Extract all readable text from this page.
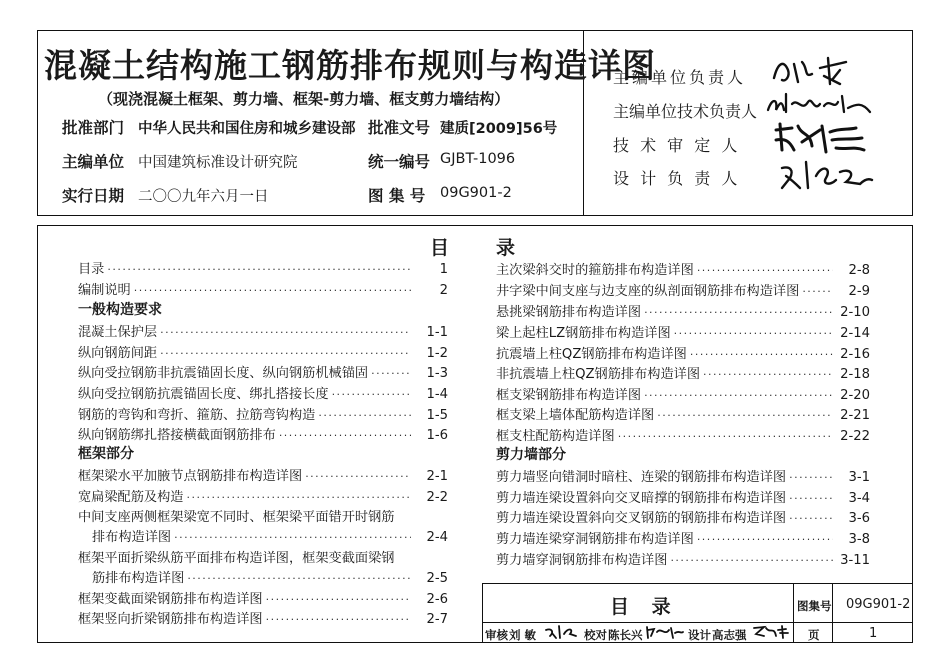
混凝土结构施工钢筋排布规则与构造详图
（现浇混凝土框架、剪力墙、框架-剪力墙、框支剪力墙结构）
批准部门 中华人民共和国住房和城乡建设部 批准文号 建质[2009]56号
主编单位 中国建筑标准设计研究院	统一编号 GJBT-1096
实行日期 二〇〇九年六月一日	图 集 号 09G901-2
主编单位负责人
主编单位技术负责人
技 术 审 定 人
设 计 负 责 人
目 录
目录 ·····	1
编制说明 ·····	2
一般构造要求
混凝土保护层 ·····	1-1
纵向钢筋间距 ·····	1-2
纵向受拉钢筋非抗震锚固长度、纵向钢筋机械锚固 ·····	1-3
纵向受拉钢筋抗震锚固长度、绑扎搭接长度 ·····	1-4
钢筋的弯钩和弯折、箍筋、拉筋弯钩构造 ·····	1-5
纵向钢筋绑扎搭接横截面钢筋排布 ·····	1-6
框架部分
框架梁水平加腋节点钢筋排布构造详图 ·····	2-1
宽扁梁配筋及构造 ·····	2-2
中间支座两侧框架梁宽不同时、框架梁平面错开时钢筋
排布构造详图 ·····	2-4
框架平面折梁纵筋平面排布构造详图，框架变截面梁钢
筋排布构造详图 ·····	2-5
框架变截面梁钢筋排布构造详图 ·····	2-6
框架竖向折梁钢筋排布构造详图 ·····	2-7
主次梁斜交时的箍筋排布构造详图 ·····	2-8
井字梁中间支座与边支座的纵剖面钢筋排布构造详图 ·····	2-9
悬挑梁钢筋排布构造详图 ·····	2-10
梁上起柱LZ钢筋排布构造详图 ·····	2-14
抗震墙上柱QZ钢筋排布构造详图 ·····	2-16
非抗震墙上柱QZ钢筋排布构造详图 ·····	2-18
框支梁钢筋排布构造详图 ·····	2-20
框支梁上墙体配筋构造详图 ·····	2-21
框支柱配筋构造详图 ·····	2-22
剪力墙部分
剪力墙竖向错洞时暗柱、连梁的钢筋排布构造详图 ·····	3-1
剪力墙连梁设置斜向交叉暗撑的钢筋排布构造详图 ·····	3-4
剪力墙连梁设置斜向交叉钢筋的钢筋排布构造详图 ·····	3-6
剪力墙连梁穿洞钢筋排布构造详图 ·····	3-8
剪力墙穿洞钢筋排布构造详图 ·····	3-11
目 录	图集号 09G901-2
审核 刘 敏	校对 陈长兴	设计 高志强	页	1
